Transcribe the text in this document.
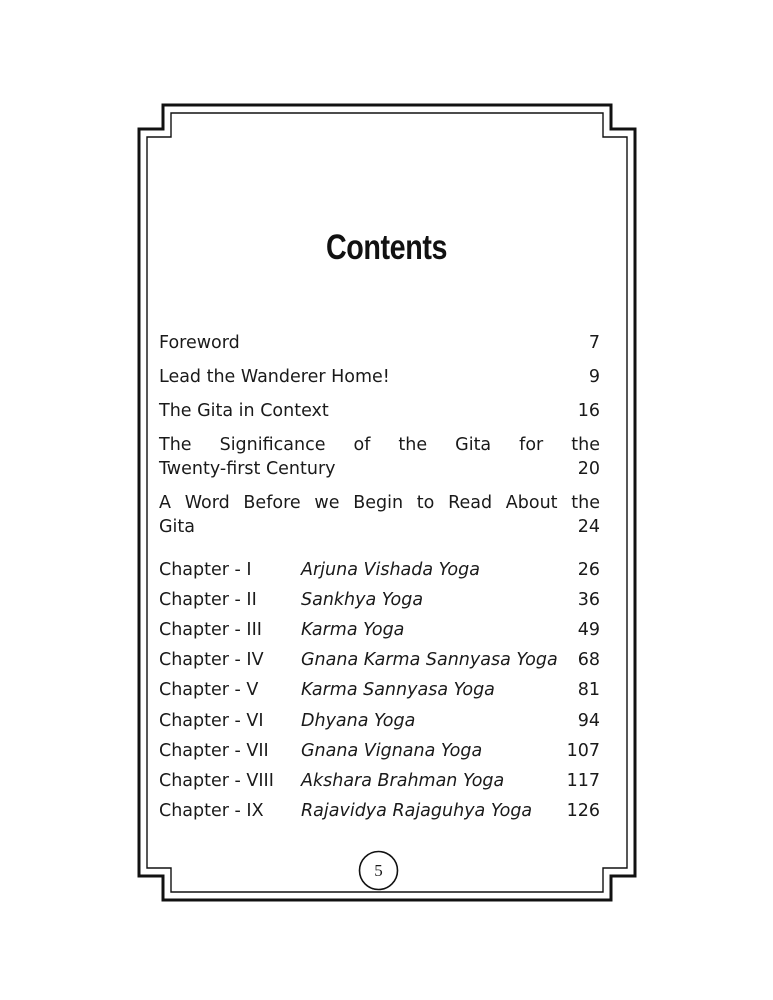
Contents
Foreword	7
Lead the Wanderer Home!	9
The Gita in Context	16
The Significance of the Gita for the
Twenty-first Century	20
A Word Before we Begin to Read About the
Gita	24
Chapter - I	Arjuna Vishada Yoga	26
Chapter - II	Sankhya Yoga	36
Chapter - III Karma Yoga	49
Chapter - IV Gnana Karma Sannyasa Yoga 68
Chapter - V Karma Sannyasa Yoga	81
Chapter - VI Dhyana Yoga	94
Chapter - VII Gnana Vignana Yoga	107
Chapter - VIII Akshara Brahman Yoga	117
Chapter - IX Rajavidya Rajaguhya Yoga 126
5
